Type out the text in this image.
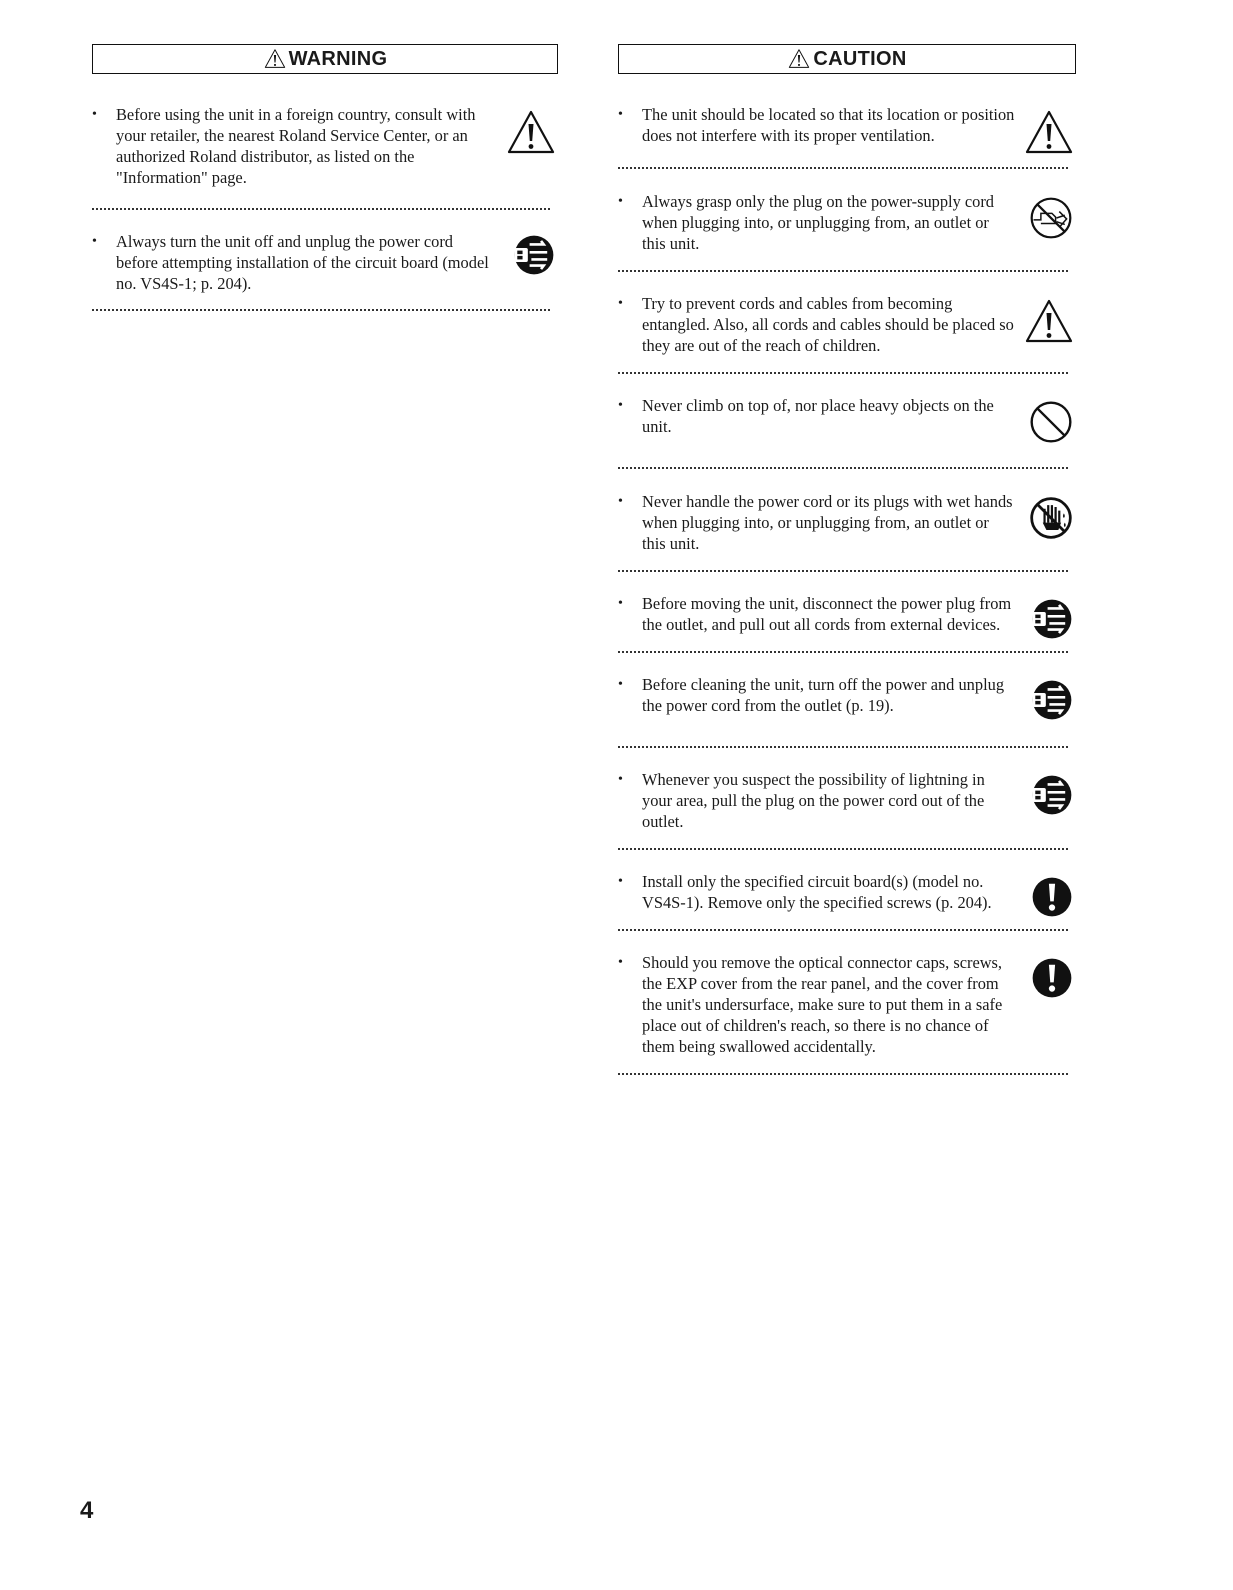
WARNING
• Before using the unit in a foreign country, consult with your retailer, the nearest Roland Service Center, or an authorized Roland distributor, as listed on the "Information" page.
• Always turn the unit off and unplug the power cord before attempting installation of the circuit board (model no. VS4S-1; p. 204).
CAUTION
• The unit should be located so that its location or position does not interfere with its proper ventilation.
• Always grasp only the plug on the power-supply cord when plugging into, or unplugging from, an outlet or this unit.
• Try to prevent cords and cables from becoming entangled. Also, all cords and cables should be placed so they are out of the reach of children.
• Never climb on top of, nor place heavy objects on the unit.
• Never handle the power cord or its plugs with wet hands when plugging into, or unplugging from, an outlet or this unit.
• Before moving the unit, disconnect the power plug from the outlet, and pull out all cords from external devices.
• Before cleaning the unit, turn off the power and unplug the power cord from the outlet (p. 19).
• Whenever you suspect the possibility of lightning in your area, pull the plug on the power cord out of the outlet.
• Install only the specified circuit board(s) (model no. VS4S-1). Remove only the specified screws (p. 204).
• Should you remove the optical connector caps, screws, the EXP cover from the rear panel, and the cover from the unit's undersurface, make sure to put them in a safe place out of children's reach, so there is no chance of them being swallowed accidentally.
4
